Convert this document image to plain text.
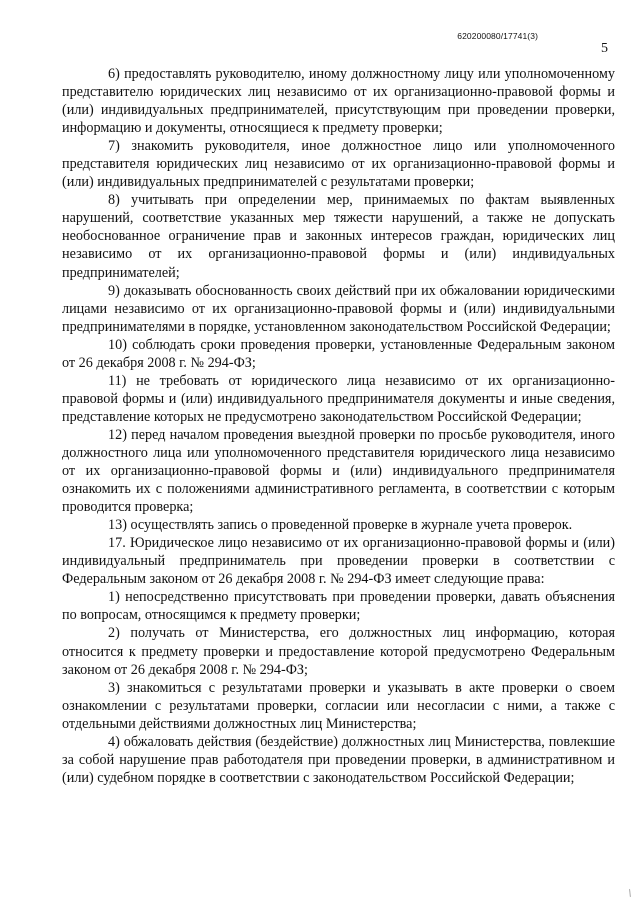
620200080/17741(3)
5

6) предоставлять руководителю, иному должностному лицу или уполномоченному представителю юридических лиц независимо от их организационно-правовой формы и (или) индивидуальных предпринимателей, присутствующим при проведении проверки, информацию и документы, относящиеся к предмету проверки;

7) знакомить руководителя, иное должностное лицо или уполномоченного представителя юридических лиц независимо от их организационно-правовой формы и (или) индивидуальных предпринимателей с результатами проверки;

8) учитывать при определении мер, принимаемых по фактам выявленных нарушений, соответствие указанных мер тяжести нарушений, а также не допускать необоснованное ограничение прав и законных интересов граждан, юридических лиц независимо от их организационно-правовой формы и (или) индивидуальных предпринимателей;

9) доказывать обоснованность своих действий при их обжаловании юридическими лицами независимо от их организационно-правовой формы и (или) индивидуальными предпринимателями в порядке, установленном законодательством Российской Федерации;

10) соблюдать сроки проведения проверки, установленные Федеральным законом от 26 декабря 2008 г. № 294-ФЗ;

11) не требовать от юридического лица независимо от их организационно-правовой формы и (или) индивидуального предпринимателя документы и иные сведения, представление которых не предусмотрено законодательством Российской Федерации;

12) перед началом проведения выездной проверки по просьбе руководителя, иного должностного лица или уполномоченного представителя юридического лица независимо от их организационно-правовой формы и (или) индивидуального предпринимателя ознакомить их с положениями административного регламента, в соответствии с которым проводится проверка;

13) осуществлять запись о проведенной проверке в журнале учета проверок.

17. Юридическое лицо независимо от их организационно-правовой формы и (или) индивидуальный предприниматель при проведении проверки в соответствии с Федеральным законом от 26 декабря 2008 г. № 294-ФЗ имеет следующие права:

1) непосредственно присутствовать при проведении проверки, давать объяснения по вопросам, относящимся к предмету проверки;

2) получать от Министерства, его должностных лиц информацию, которая относится к предмету проверки и предоставление которой предусмотрено Федеральным законом от 26 декабря 2008 г. № 294-ФЗ;

3) знакомиться с результатами проверки и указывать в акте проверки о своем ознакомлении с результатами проверки, согласии или несогласии с ними, а также с отдельными действиями должностных лиц Министерства;

4) обжаловать действия (бездействие) должностных лиц Министерства, повлекшие за собой нарушение прав работодателя при проведении проверки, в административном и (или) судебном порядке в соответствии с законодательством Российской Федерации;

⁄
